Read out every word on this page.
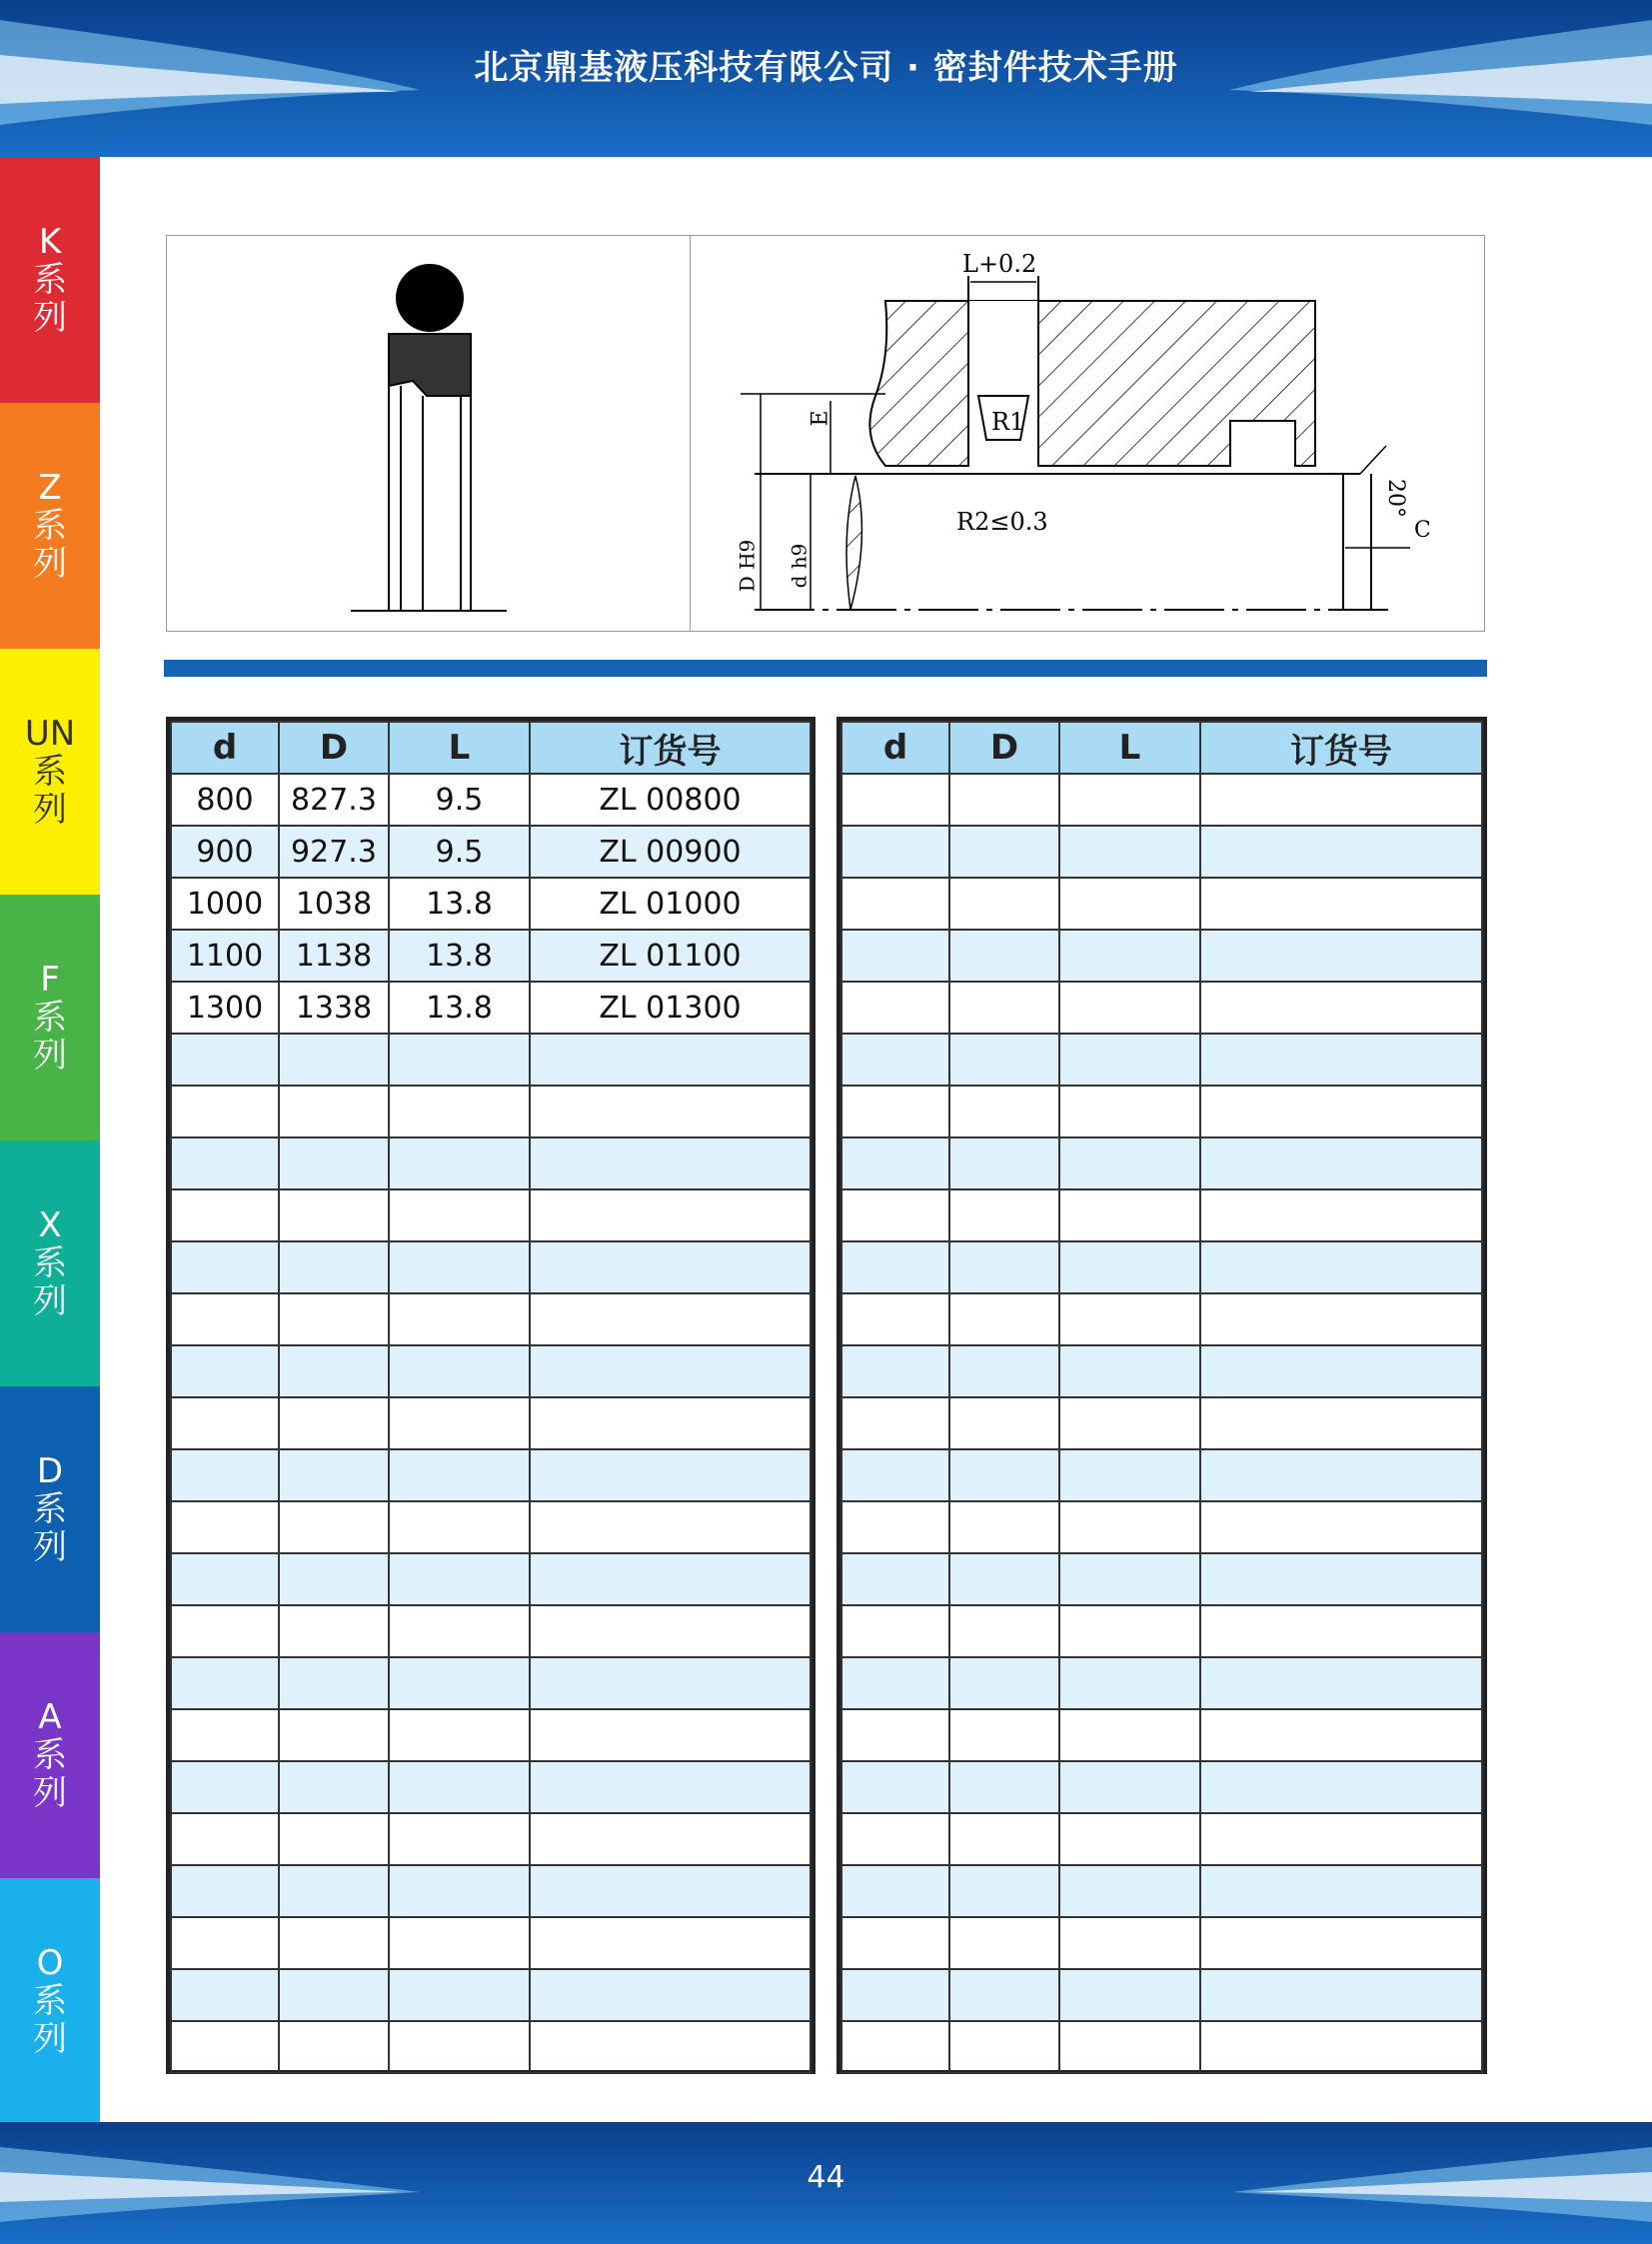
北京鼎基液压科技有限公司 · 密封件技术手册
K
系
列
Z
系
列
UN
系
列
F
系
列
X
系
列
D
系
列
A
系
列
O
系
列
L+0.2
R1
R2≤0.3
E
D H9 d h9
20°
C
d	D	L	订货号
800	827.3	9.5	ZL 00800
900	927.3	9.5	ZL 00900
1000	1038	13.8	ZL 01000
1100	1138	13.8	ZL 01100
1300	1338	13.8	ZL 01300

d	D	L	订货号

44
